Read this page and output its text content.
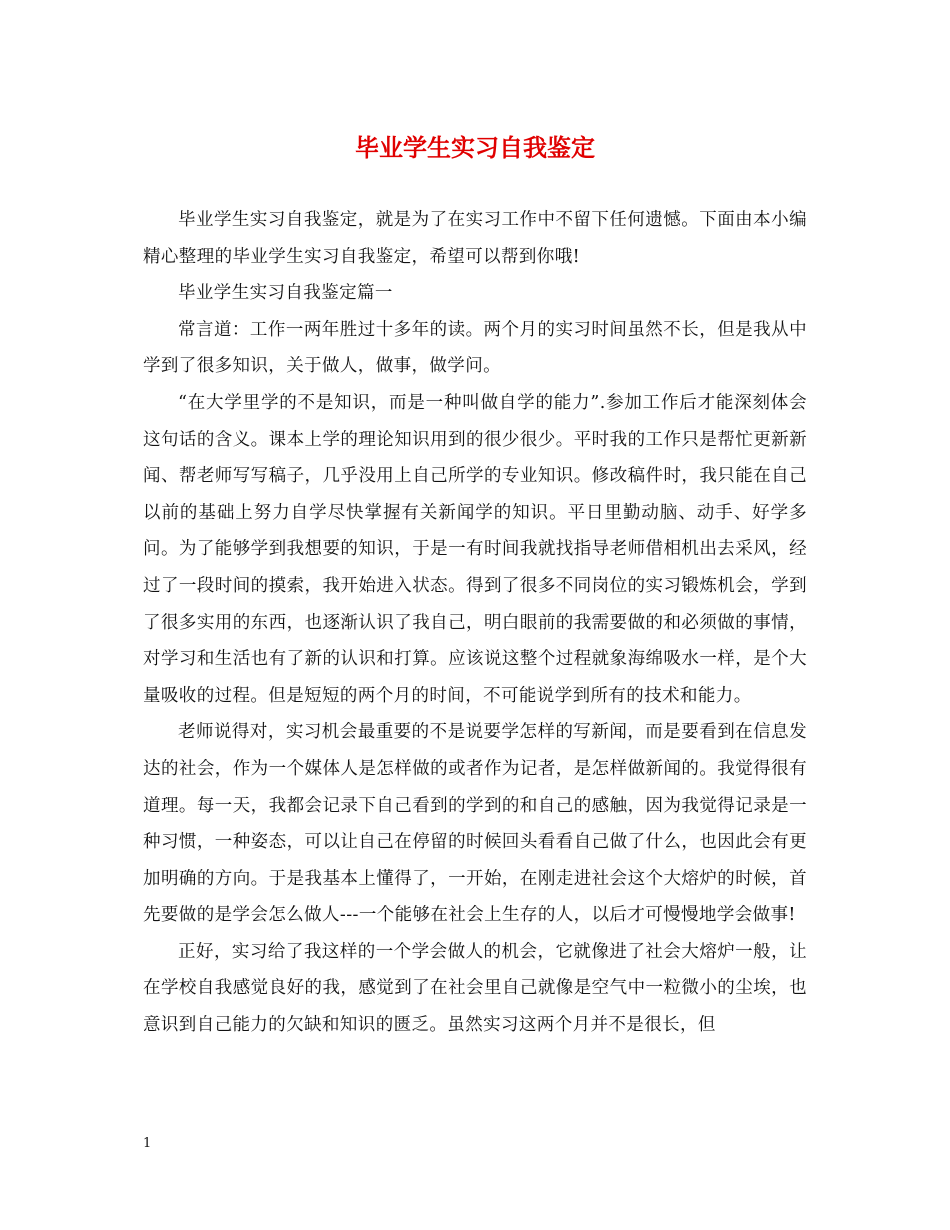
毕业学生实习自我鉴定

毕业学生实习自我鉴定，就是为了在实习工作中不留下任何遗憾。下面由本小编精心整理的毕业学生实习自我鉴定，希望可以帮到你哦!

毕业学生实习自我鉴定篇一

常言道：工作一两年胜过十多年的读。两个月的实习时间虽然不长，但是我从中学到了很多知识，关于做人，做事，做学问。

“在大学里学的不是知识，而是一种叫做自学的能力”.参加工作后才能深刻体会这句话的含义。课本上学的理论知识用到的很少很少。平时我的工作只是帮忙更新新闻、帮老师写写稿子，几乎没用上自己所学的专业知识。修改稿件时，我只能在自己以前的基础上努力自学尽快掌握有关新闻学的知识。平日里勤动脑、动手、好学多问。为了能够学到我想要的知识，于是一有时间我就找指导老师借相机出去采风，经过了一段时间的摸索，我开始进入状态。得到了很多不同岗位的实习锻炼机会，学到了很多实用的东西，也逐渐认识了我自己，明白眼前的我需要做的和必须做的事情，对学习和生活也有了新的认识和打算。应该说这整个过程就象海绵吸水一样，是个大量吸收的过程。但是短短的两个月的时间，不可能说学到所有的技术和能力。

老师说得对，实习机会最重要的不是说要学怎样的写新闻，而是要看到在信息发达的社会，作为一个媒体人是怎样做的或者作为记者，是怎样做新闻的。我觉得很有道理。每一天，我都会记录下自己看到的学到的和自己的感触，因为我觉得记录是一种习惯，一种姿态，可以让自己在停留的时候回头看看自己做了什么，也因此会有更加明确的方向。于是我基本上懂得了，一开始，在刚走进社会这个大熔炉的时候，首先要做的是学会怎么做人---一个能够在社会上生存的人，以后才可慢慢地学会做事!

正好，实习给了我这样的一个学会做人的机会，它就像进了社会大熔炉一般，让在学校自我感觉良好的我，感觉到了在社会里自己就像是空气中一粒微小的尘埃，也意识到自己能力的欠缺和知识的匮乏。虽然实习这两个月并不是很长，但

1
